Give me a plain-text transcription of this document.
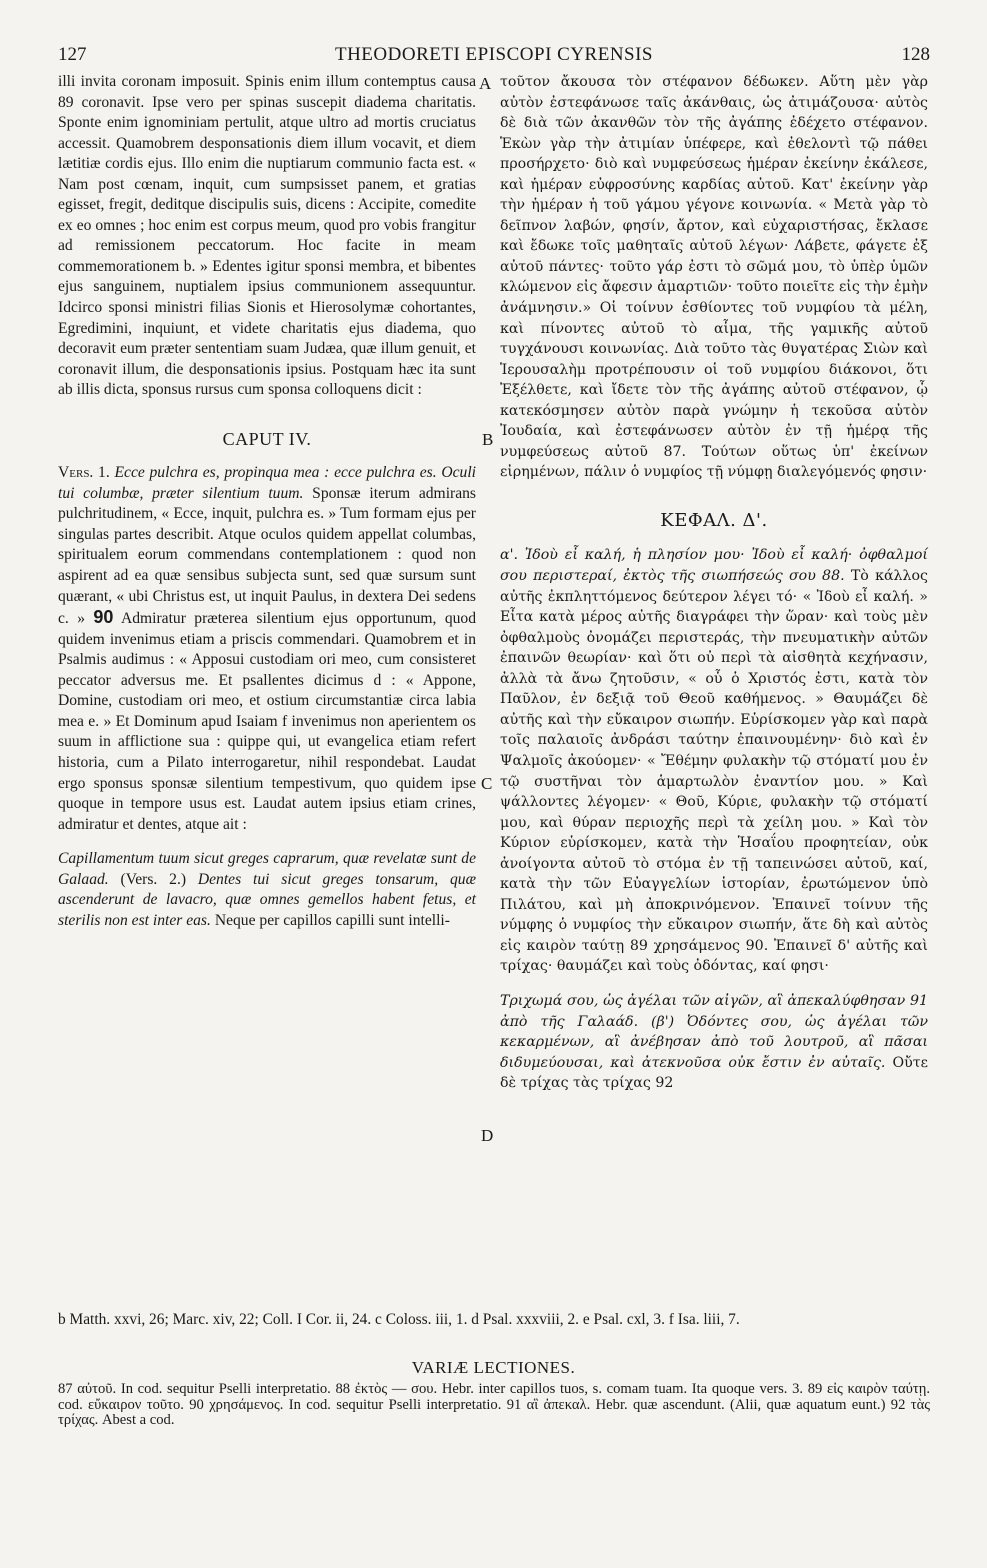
127	THEODORETI EPISCOPI CYRENSIS	128
A
B
C
D

illi invita coronam imposuit. Spinis enim illum contemptus causa 89 coronavit. Ipse vero per spinas suscepit diadema charitatis. Sponte enim ignominiam pertulit, atque ultro ad mortis cruciatus accessit. Quamobrem desponsationis diem illum vocavit, et diem lætitiæ cordis ejus. Illo enim die nuptiarum communio facta est. « Nam post cœnam, inquit, cum sumpsisset panem, et gratias egisset, fregit, deditque discipulis suis, dicens : Accipite, comedite ex eo omnes ; hoc enim est corpus meum, quod pro vobis frangitur ad remissionem peccatorum. Hoc facite in meam commemorationem b. » Edentes igitur sponsi membra, et bibentes ejus sanguinem, nuptialem ipsius communionem assequuntur. Idcirco sponsi ministri filias Sionis et Hierosolymæ cohortantes, Egredimini, inquiunt, et videte charitatis ejus diadema, quo decoravit eum præter sententiam suam Judæa, quæ illum genuit, et coronavit illum, die desponsationis ipsius. Postquam hæc ita sunt ab illis dicta, sponsus rursus cum sponsa colloquens dicit :

CAPUT IV.

Vers. 1. Ecce pulchra es, propinqua mea : ecce pulchra es. Oculi tui columbæ, præter silentium tuum. Sponsæ iterum admirans pulchritudinem, « Ecce, inquit, pulchra es. » Tum formam ejus per singulas partes describit. Atque oculos quidem appellat columbas, spiritualem eorum commendans contemplationem : quod non aspirent ad ea quæ sensibus subjecta sunt, sed quæ sursum sunt quærant, « ubi Christus est, ut inquit Paulus, in dextera Dei sedens c. » 90 Admiratur præterea silentium ejus opportunum, quod quidem invenimus etiam a priscis commendari. Quamobrem et in Psalmis audimus : « Apposui custodiam ori meo, cum consisteret peccator adversus me. Et psallentes dicimus d : « Appone, Domine, custodiam ori meo, et ostium circumstantiæ circa labia mea e. » Et Dominum apud Isaiam f invenimus non aperientem os suum in afflictione sua : quippe qui, ut evangelica etiam refert historia, cum a Pilato interrogaretur, nihil respondebat. Laudat ergo sponsus sponsæ silentium tempestivum, quo quidem ipse quoque in tempore usus est. Laudat autem ipsius etiam crines, admiratur et dentes, atque ait :

Capillamentum tuum sicut greges caprarum, quæ revelatæ sunt de Galaad. (Vers. 2.) Dentes tui sicut greges tonsarum, quæ ascenderunt de lavacro, quæ omnes gemellos habent fetus, et sterilis non est inter eas. Neque per capillos capilli sunt intelli-

τοῦτον ἄκουσα τὸν στέφανον δέδωκεν. Αὕτη μὲν γὰρ αὐτὸν ἐστεφάνωσε ταῖς ἀκάνθαις, ὡς ἀτιμάζουσα· αὐτὸς δὲ διὰ τῶν ἀκανθῶν τὸν τῆς ἀγάπης ἐδέχετο στέφανον. Ἑκὼν γὰρ τὴν ἀτιμίαν ὑπέφερε, καὶ ἐθελοντὶ τῷ πάθει προσήρχετο· διὸ καὶ νυμφεύσεως ἡμέραν ἐκείνην ἐκάλεσε, καὶ ἡμέραν εὐφροσύνης καρδίας αὐτοῦ. Κατ' ἐκείνην γὰρ τὴν ἡμέραν ἡ τοῦ γάμου γέγονε κοινωνία. « Μετὰ γὰρ τὸ δεῖπνον λαβών, φησίν, ἄρτον, καὶ εὐχαριστήσας, ἔκλασε καὶ ἔδωκε τοῖς μαθηταῖς αὐτοῦ λέγων· Λάβετε, φάγετε ἐξ αὐτοῦ πάντες· τοῦτο γάρ ἐστι τὸ σῶμά μου, τὸ ὑπὲρ ὑμῶν κλώμενον εἰς ἄφεσιν ἁμαρτιῶν· τοῦτο ποιεῖτε εἰς τὴν ἐμὴν ἀνάμνησιν.» Οἱ τοίνυν ἐσθίοντες τοῦ νυμφίου τὰ μέλη, καὶ πίνοντες αὐτοῦ τὸ αἷμα, τῆς γαμικῆς αὐτοῦ τυγχάνουσι κοινωνίας. Διὰ τοῦτο τὰς θυγατέρας Σιὼν καὶ Ἱερουσαλὴμ προτρέπουσιν οἱ τοῦ νυμφίου διάκονοι, ὅτι Ἐξέλθετε, καὶ ἴδετε τὸν τῆς ἀγάπης αὐτοῦ στέφανον, ᾧ κατεκόσμησεν αὐτὸν παρὰ γνώμην ἡ τεκοῦσα αὐτὸν Ἰουδαία, καὶ ἐστεφάνωσεν αὐτὸν ἐν τῇ ἡμέρᾳ τῆς νυμφεύσεως αὐτοῦ 87. Τούτων οὕτως ὑπ' ἐκείνων εἰρημένων, πάλιν ὁ νυμφίος τῇ νύμφῃ διαλεγόμενός φησιν·

ΚΕΦΑΛ. Δ'.

α'. Ἰδοὺ εἶ καλή, ἡ πλησίον μου· Ἰδοὺ εἶ καλή· ὀφθαλμοί σου περιστεραί, ἐκτὸς τῆς σιωπήσεώς σου 88. Τὸ κάλλος αὐτῆς ἐκπληττόμενος δεύτερον λέγει τό· « Ἰδοὺ εἶ καλή. » Εἶτα κατὰ μέρος αὐτῆς διαγράφει τὴν ὥραν· καὶ τοὺς μὲν ὀφθαλμοὺς ὀνομάζει περιστεράς, τὴν πνευματικὴν αὐτῶν ἐπαινῶν θεωρίαν· καὶ ὅτι οὐ περὶ τὰ αἰσθητὰ κεχήνασιν, ἀλλὰ τὰ ἄνω ζητοῦσιν, « οὗ ὁ Χριστός ἐστι, κατὰ τὸν Παῦλον, ἐν δεξιᾷ τοῦ Θεοῦ καθήμενος. » Θαυμάζει δὲ αὐτῆς καὶ τὴν εὔκαιρον σιωπήν. Εὑρίσκομεν γὰρ καὶ παρὰ τοῖς παλαιοῖς ἀνδράσι ταύτην ἐπαινουμένην· διὸ καὶ ἐν Ψαλμοῖς ἀκούομεν· « Ἔθέμην φυλακὴν τῷ στόματί μου ἐν τῷ συστῆναι τὸν ἁμαρτωλὸν ἐναντίον μου. » Καὶ ψάλλοντες λέγομεν· « Θοῦ, Κύριε, φυλακὴν τῷ στόματί μου, καὶ θύραν περιοχῆς περὶ τὰ χείλη μου. » Καὶ τὸν Κύριον εὑρίσκομεν, κατὰ τὴν Ἡσαΐου προφητείαν, οὐκ ἀνοίγοντα αὐτοῦ τὸ στόμα ἐν τῇ ταπεινώσει αὐτοῦ, καί, κατὰ τὴν τῶν Εὐαγγελίων ἱστορίαν, ἐρωτώμενον ὑπὸ Πιλάτου, καὶ μὴ ἀποκρινόμενον. Ἐπαινεῖ τοίνυν τῆς νύμφης ὁ νυμφίος τὴν εὔκαιρον σιωπήν, ἅτε δὴ καὶ αὐτὸς εἰς καιρὸν ταύτῃ 89 χρησάμενος 90. Ἐπαινεῖ δ' αὐτῆς καὶ τρίχας· θαυμάζει καὶ τοὺς ὀδόντας, καί φησι·

Τριχωμά σου, ὡς ἀγέλαι τῶν αἰγῶν, αἳ ἀπεκαλύφθησαν 91 ἀπὸ τῆς Γαλαάδ. (β') Ὀδόντες σου, ὡς ἀγέλαι τῶν κεκαρμένων, αἳ ἀνέβησαν ἀπὸ τοῦ λουτροῦ, αἳ πᾶσαι διδυμεύουσαι, καὶ ἀτεκνοῦσα οὐκ ἔστιν ἐν αὐταῖς. Οὔτε δὲ τρίχας τὰς τρίχας 92

b Matth. xxvi, 26; Marc. xiv, 22; Coll. I Cor. ii, 24. c Coloss. iii, 1. d Psal. xxxviii, 2. e Psal. cxl, 3. f Isa. liii, 7.
VARIÆ LECTIONES.
87 αὐτοῦ. In cod. sequitur Pselli interpretatio. 88 ἐκτὸς — σου. Hebr. inter capillos tuos, s. comam tuam. Ita quoque vers. 3. 89 εἰς καιρὸν ταύτῃ. cod. εὔκαιρον τοῦτο. 90 χρησάμενος. In cod. sequitur Pselli interpretatio. 91 αἳ ἀπεκαλ. Hebr. quæ ascendunt. (Alii, quæ aquatum eunt.) 92 τὰς τρίχας. Abest a cod.
